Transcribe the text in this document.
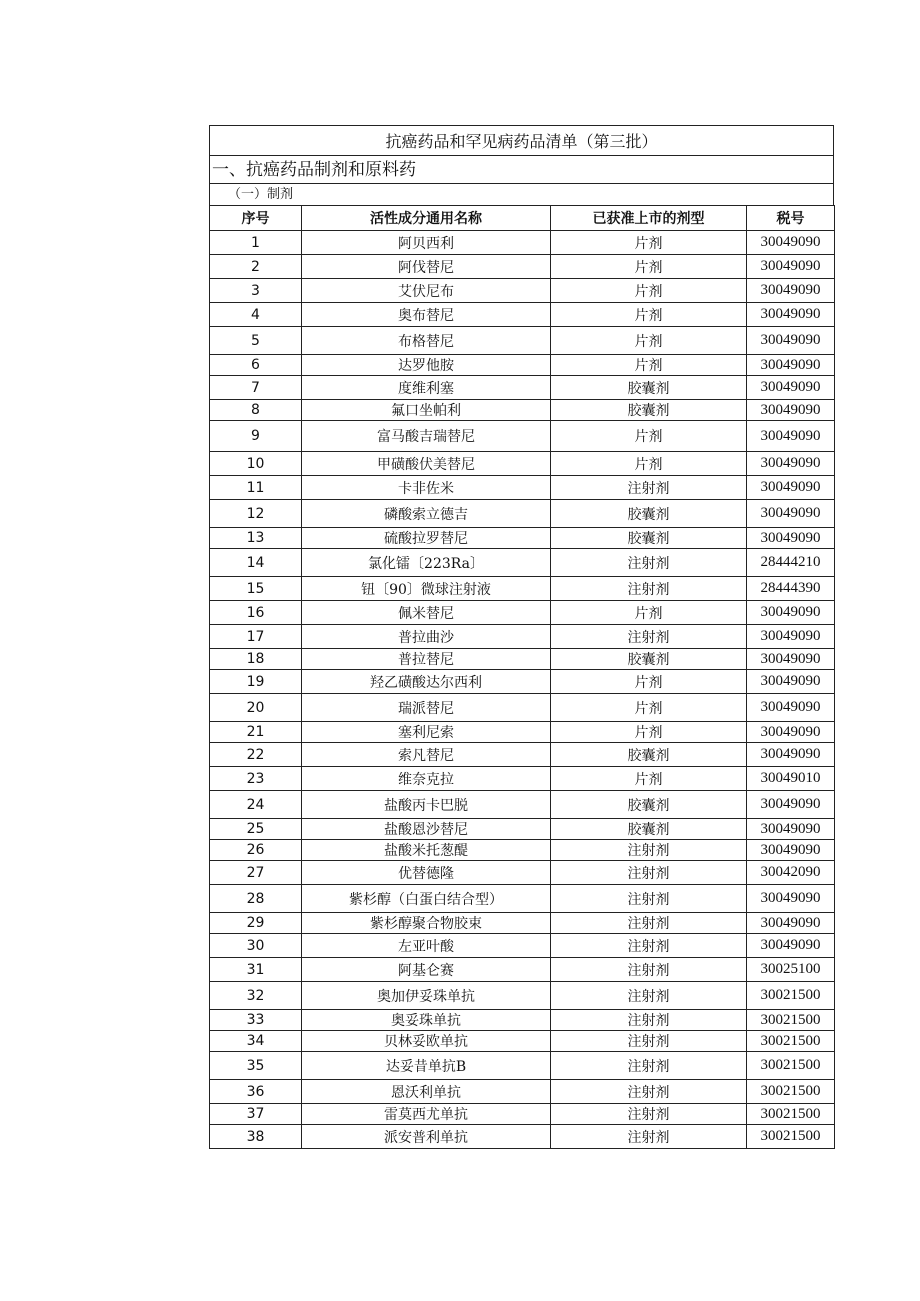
抗癌药品和罕见病药品清单（第三批）
一、抗癌药品制剂和原料药
（一）制剂
序号	活性成分通用名称	已获准上市的剂型	税号
1	阿贝西利	片剂	30049090
2	阿伐替尼	片剂	30049090
3	艾伏尼布	片剂	30049090
4	奥布替尼	片剂	30049090
5	布格替尼	片剂	30049090
6	达罗他胺	片剂	30049090
7	度维利塞	胶囊剂	30049090
8	氟口坐帕利	胶囊剂	30049090
9	富马酸吉瑞替尼	片剂	30049090
10	甲磺酸伏美替尼	片剂	30049090
11	卡非佐米	注射剂	30049090
12	磷酸索立德吉	胶囊剂	30049090
13	硫酸拉罗替尼	胶囊剂	30049090
14	氯化镭〔223Ra〕	注射剂	28444210
15	钮〔90〕微球注射液	注射剂	28444390
16	佩米替尼	片剂	30049090
17	普拉曲沙	注射剂	30049090
18	普拉替尼	胶囊剂	30049090
19	羟乙磺酸达尔西利	片剂	30049090
20	瑞派替尼	片剂	30049090
21	塞利尼索	片剂	30049090
22	索凡替尼	胶囊剂	30049090
23	维奈克拉	片剂	30049010
24	盐酸丙卡巴脱	胶囊剂	30049090
25	盐酸恩沙替尼	胶囊剂	30049090
26	盐酸米托葱醍	注射剂	30049090
27	优替德隆	注射剂	30042090
28	紫杉醇（白蛋白结合型）	注射剂	30049090
29	紫杉醇聚合物胶束	注射剂	30049090
30	左亚叶酸	注射剂	30049090
31	阿基仑赛	注射剂	30025100
32	奥加伊妥珠单抗	注射剂	30021500
33	奥妥珠单抗	注射剂	30021500
34	贝林妥欧单抗	注射剂	30021500
35	达妥昔单抗B	注射剂	30021500
36	恩沃利单抗	注射剂	30021500
37	雷莫西尤单抗	注射剂	30021500
38	派安普利单抗	注射剂	30021500
